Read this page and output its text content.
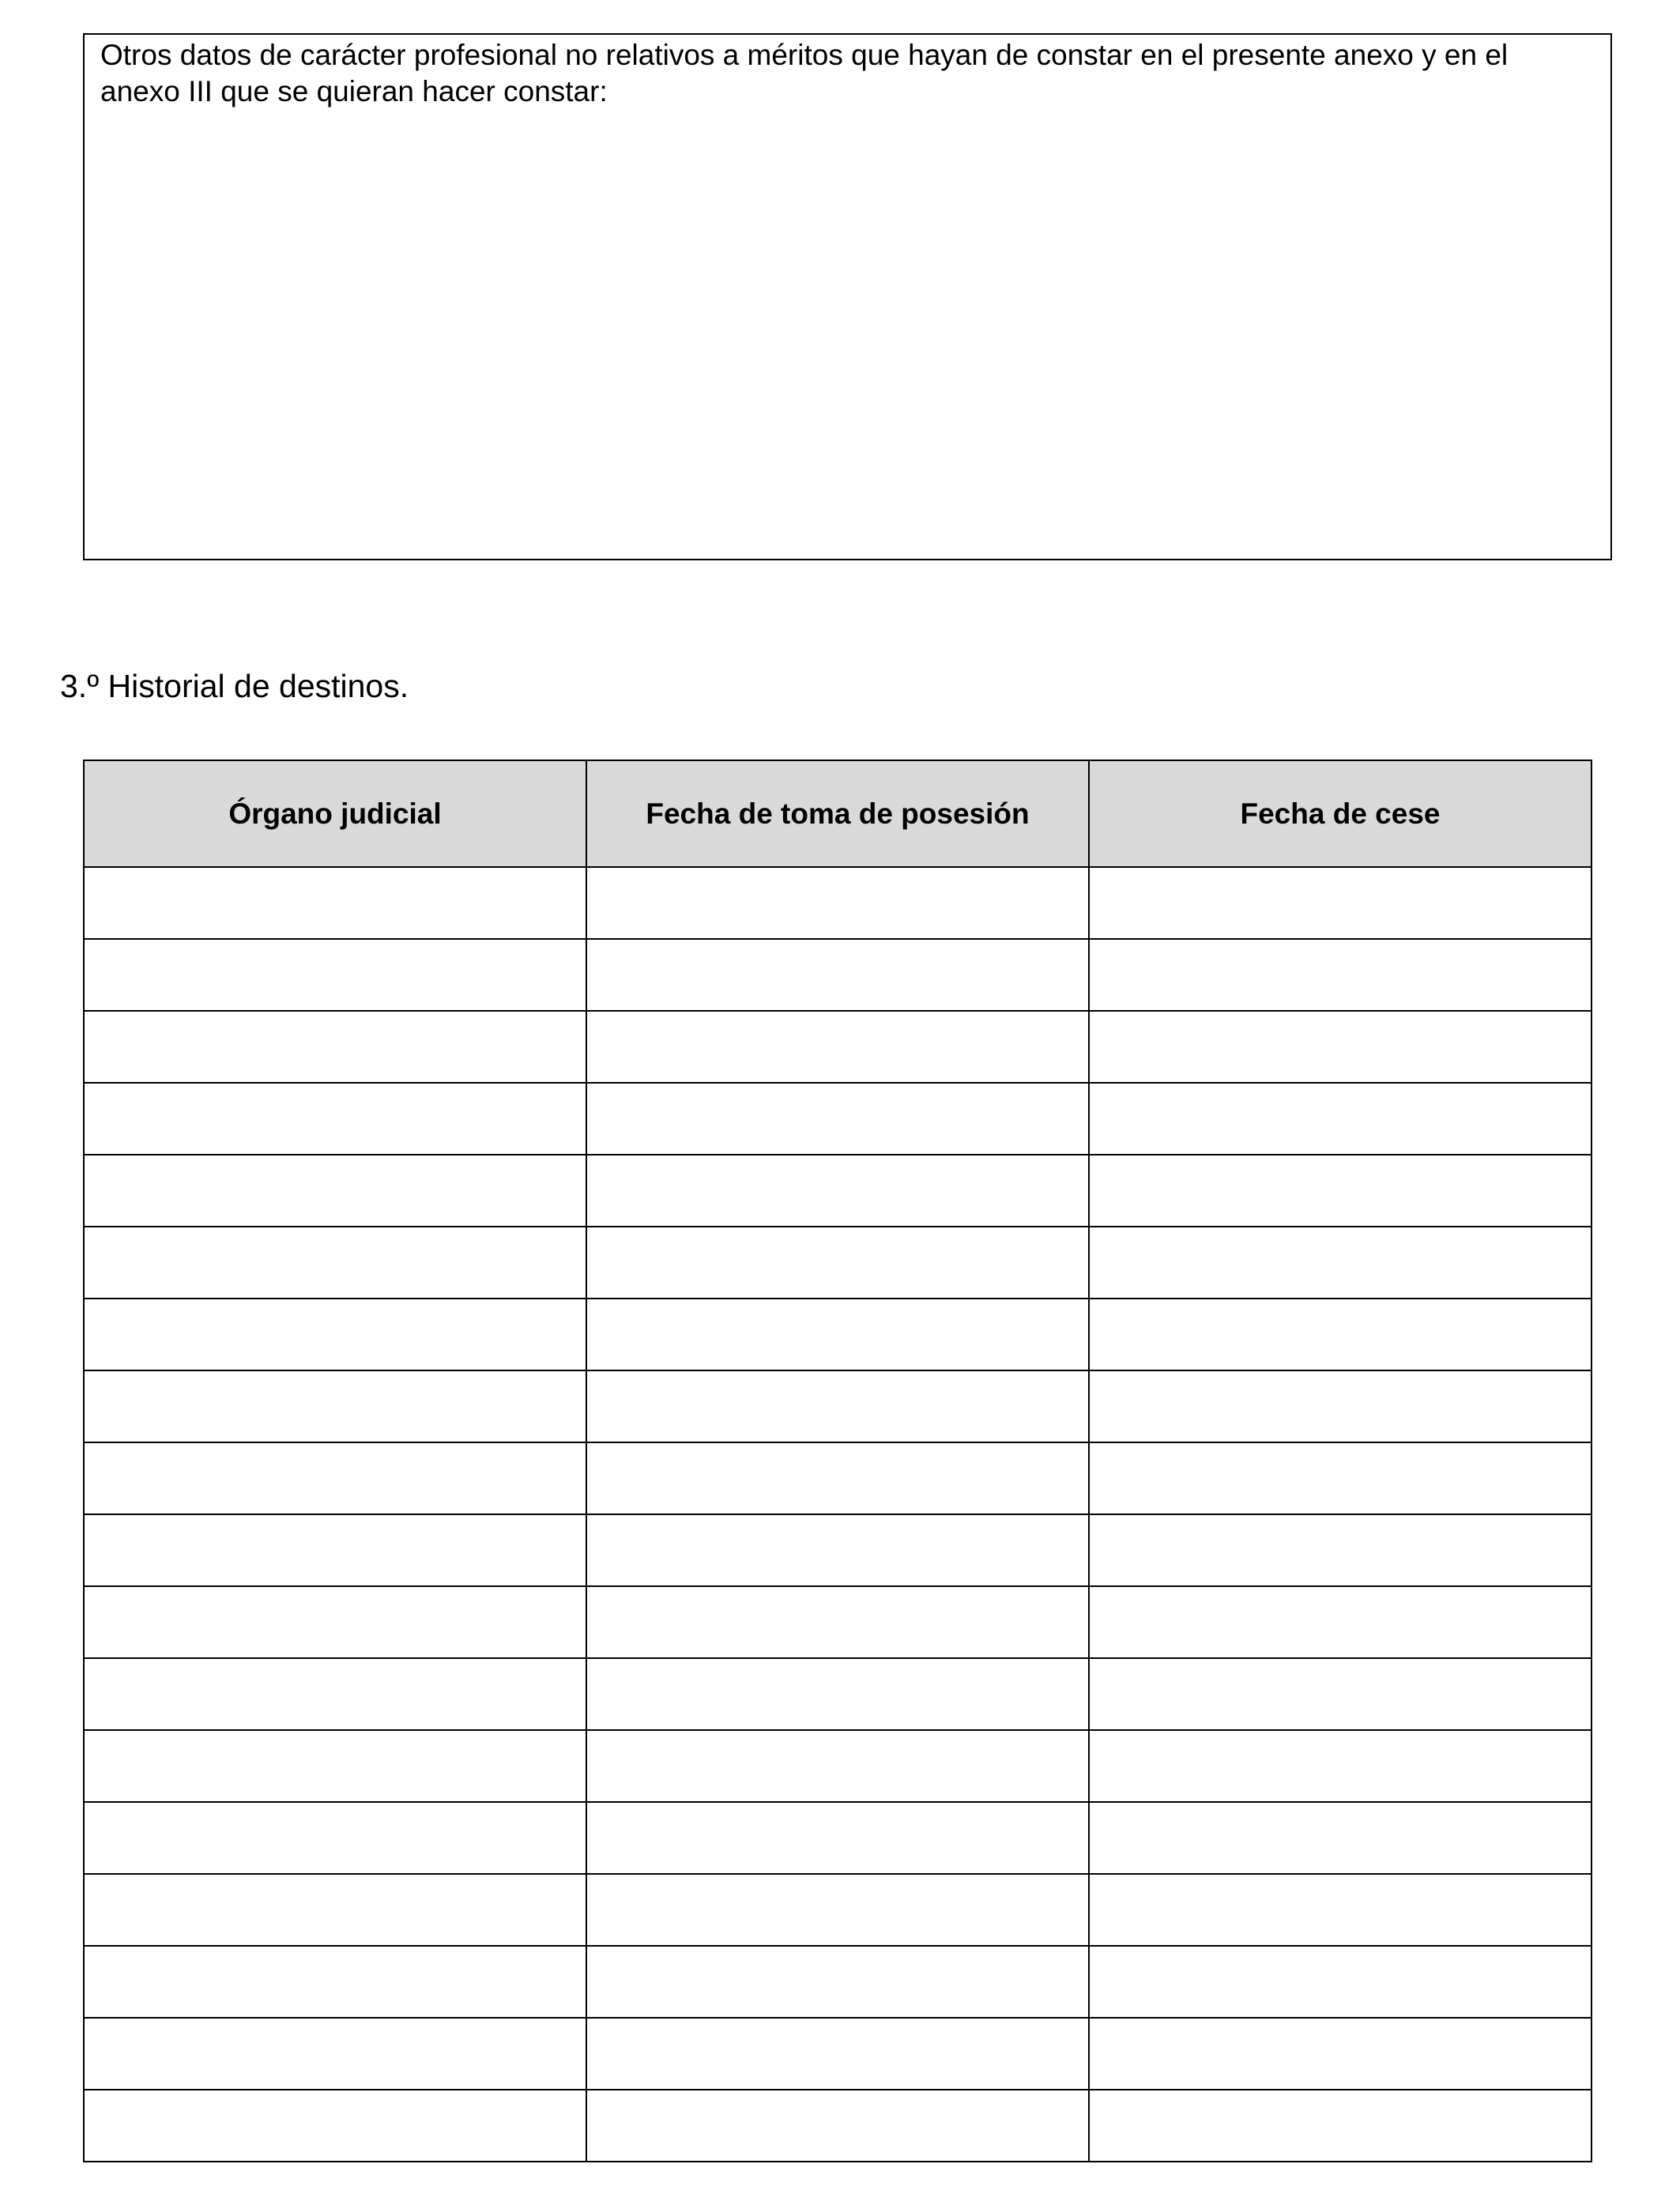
Otros datos de carácter profesional no relativos a méritos que hayan de constar en el presente anexo y en el anexo III que se quieran hacer constar:

3.º Historial de destinos.
Órgano judicial	Fecha de toma de posesión	Fecha de cese
